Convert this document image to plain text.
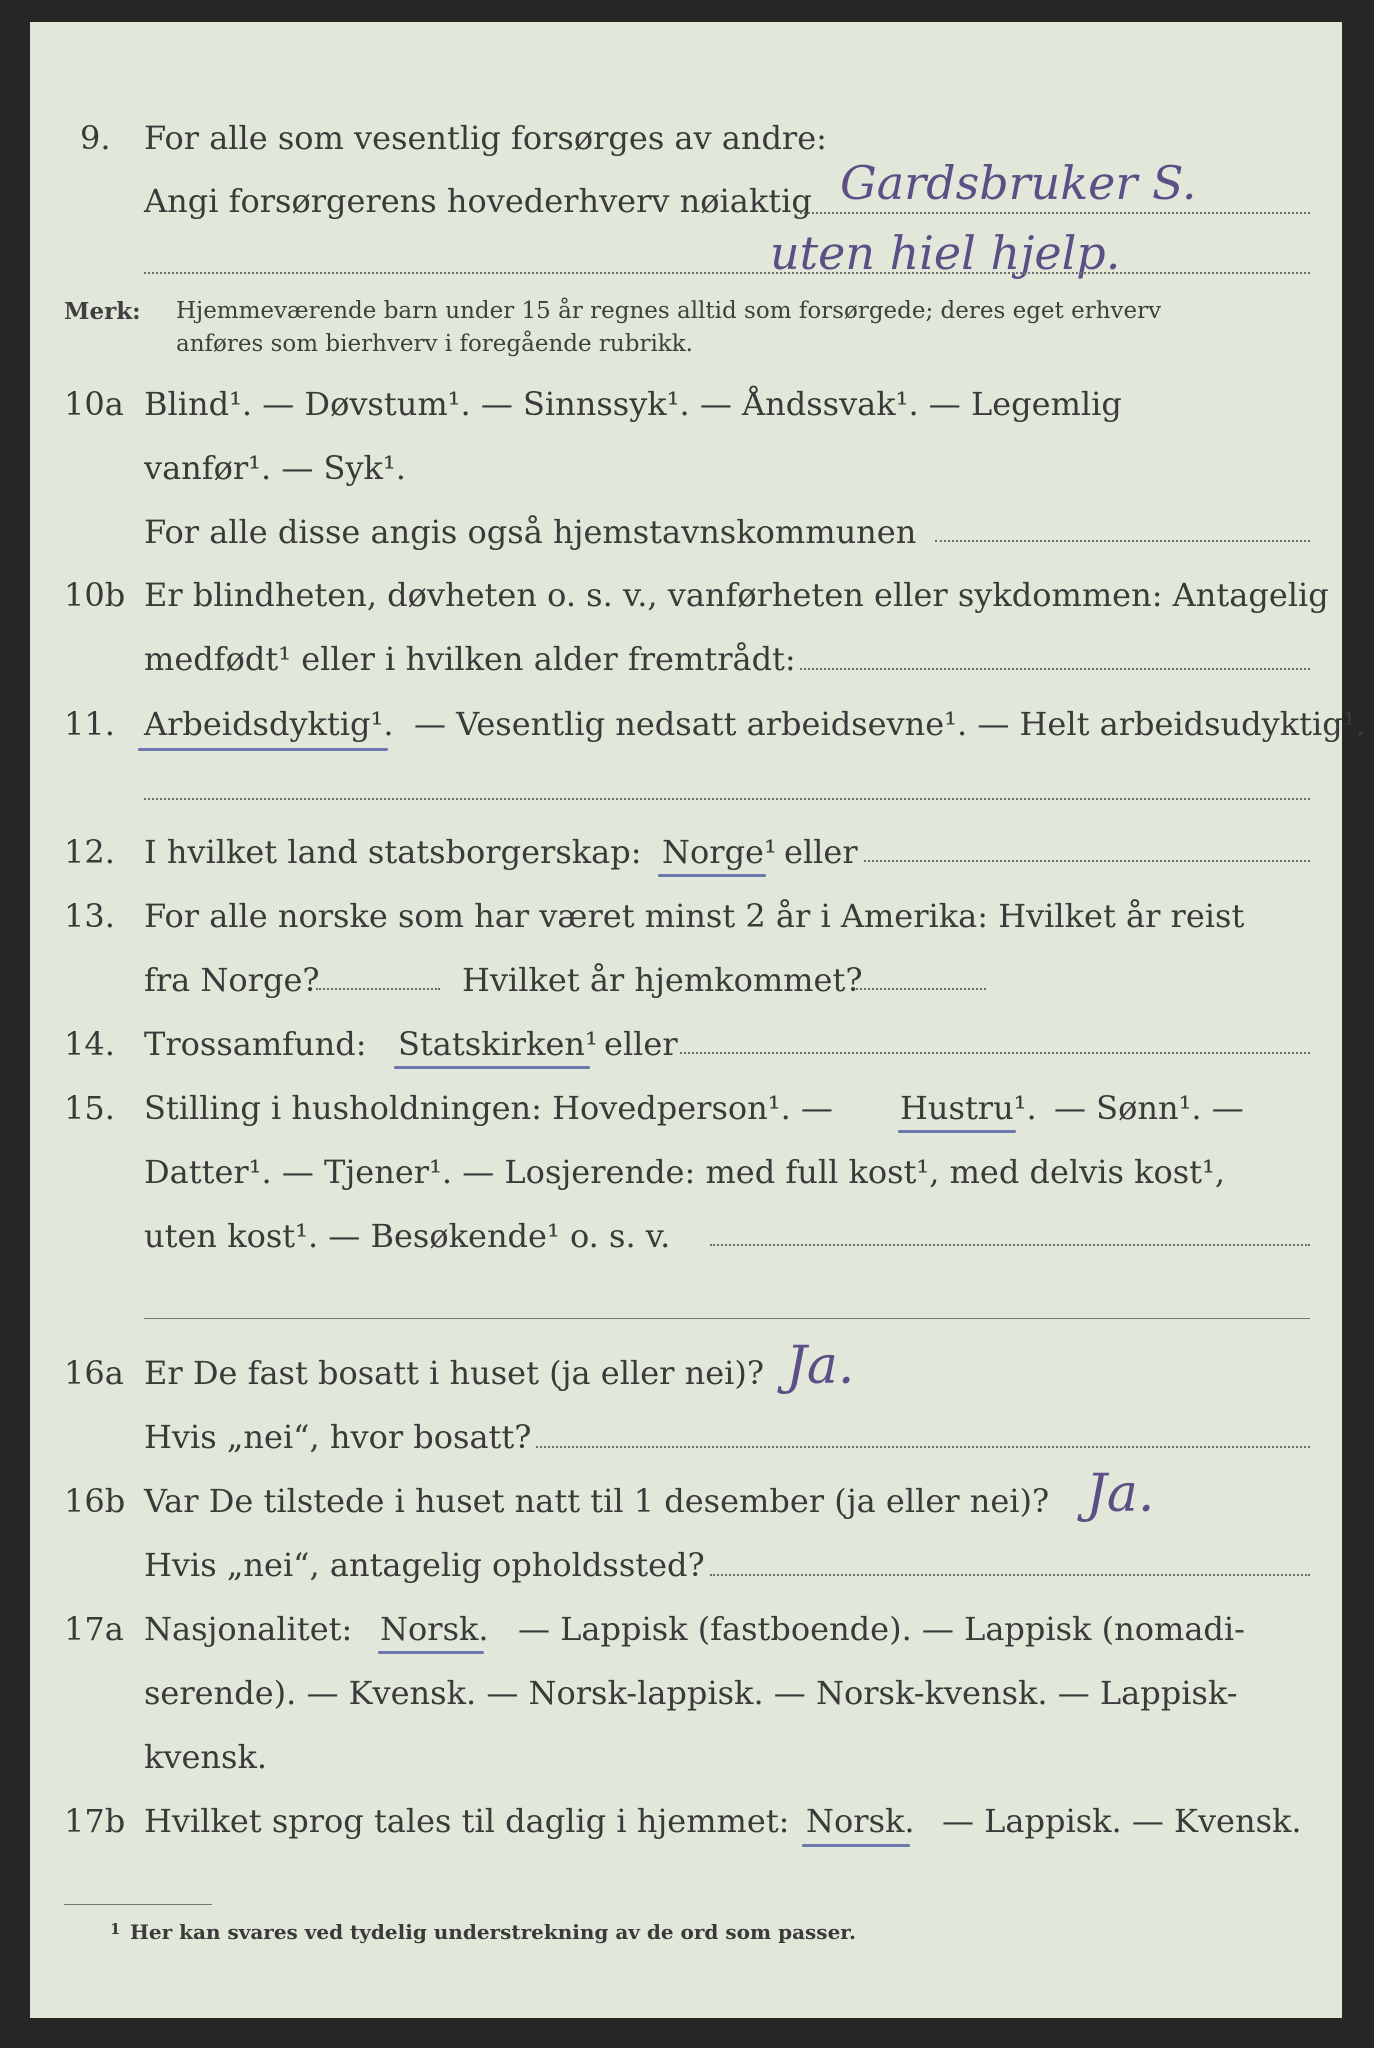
9. For alle som vesentlig forsørges av andre:
Angi forsørgerens hovederhverv nøiaktig Gardsbruker S.
uten hiel hjelp.
Merk: Hjemmeværende barn under 15 år regnes alltid som forsørgede; deres eget erhverv
anføres som bierhverv i foregående rubrikk.
10a Blind¹. — Døvstum¹. — Sinnssyk¹. — Åndssvak¹. — Legemlig
vanfør¹. — Syk¹.
For alle disse angis også hjemstavnskommunen
10b Er blindheten, døvheten o. s. v., vanførheten eller sykdommen: Antagelig
medfødt¹ eller i hvilken alder fremtrådt:
11. Arbeidsdyktig¹. — Vesentlig nedsatt arbeidsevne¹. — Helt arbeidsudyktig¹.
12. I hvilket land statsborgerskap: Norge¹ eller
13. For alle norske som har været minst 2 år i Amerika: Hvilket år reist
fra Norge?	Hvilket år hjemkommet?
14. Trossamfund: Statskirken¹ eller
15. Stilling i husholdningen: Hovedperson¹. — Hustru¹. — Sønn¹. —
Datter¹. — Tjener¹. — Losjerende: med full kost¹, med delvis kost¹,
uten kost¹. — Besøkende¹ o. s. v.
16a Er De fast bosatt i huset (ja eller nei)? Ja.
Hvis „nei“, hvor bosatt?
16b Var De tilstede i huset natt til 1 desember (ja eller nei)? Ja.
Hvis „nei“, antagelig opholdssted?
17a Nasjonalitet: Norsk. — Lappisk (fastboende). — Lappisk (nomadi-
serende). — Kvensk. — Norsk-lappisk. — Norsk-kvensk. — Lappisk-
kvensk.
17b Hvilket sprog tales til daglig i hjemmet: Norsk. — Lappisk. — Kvensk.
1 Her kan svares ved tydelig understrekning av de ord som passer.
